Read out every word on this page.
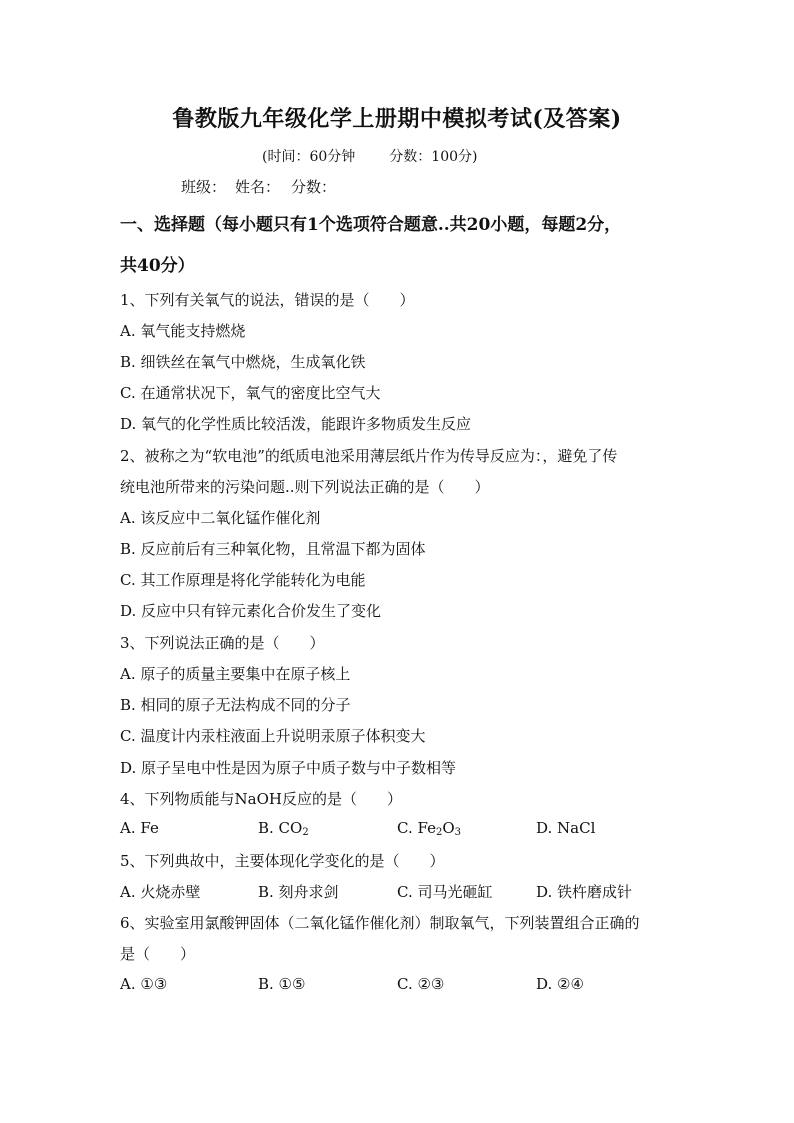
鲁教版九年级化学上册期中模拟考试(及答案)
(时间：60分钟 分数：100分)
班级： 姓名： 分数：
一、选择题（每小题只有1个选项符合题意..共20小题，每题2分，
共40分）
1、下列有关氧气的说法，错误的是（　　）
A. 氧气能支持燃烧
B. 细铁丝在氧气中燃烧，生成氧化铁
C. 在通常状况下，氧气的密度比空气大
D. 氧气的化学性质比较活泼，能跟许多物质发生反应
2、被称之为“软电池”的纸质电池采用薄层纸片作为传导反应为：，避免了传
统电池所带来的污染问题..则下列说法正确的是（　　）
A. 该反应中二氧化锰作催化剂
B. 反应前后有三种氧化物，且常温下都为固体
C. 其工作原理是将化学能转化为电能
D. 反应中只有锌元素化合价发生了变化
3、下列说法正确的是（　　）
A. 原子的质量主要集中在原子核上
B. 相同的原子无法构成不同的分子
C. 温度计内汞柱液面上升说明汞原子体积变大
D. 原子呈电中性是因为原子中质子数与中子数相等
4、下列物质能与NaOH反应的是（　　）
A. Fe	B. $CO_2$	C. $Fe_2O_3$	D. NaCl
5、下列典故中，主要体现化学变化的是（　　）
A. 火烧赤壁	B. 刻舟求剑	C. 司马光砸缸	D. 铁杵磨成针
6、实验室用氯酸钾固体（二氧化锰作催化剂）制取氧气，下列装置组合正确的
是（　　）
A. ①③	B. ①⑤	C. ②③	D. ②④
